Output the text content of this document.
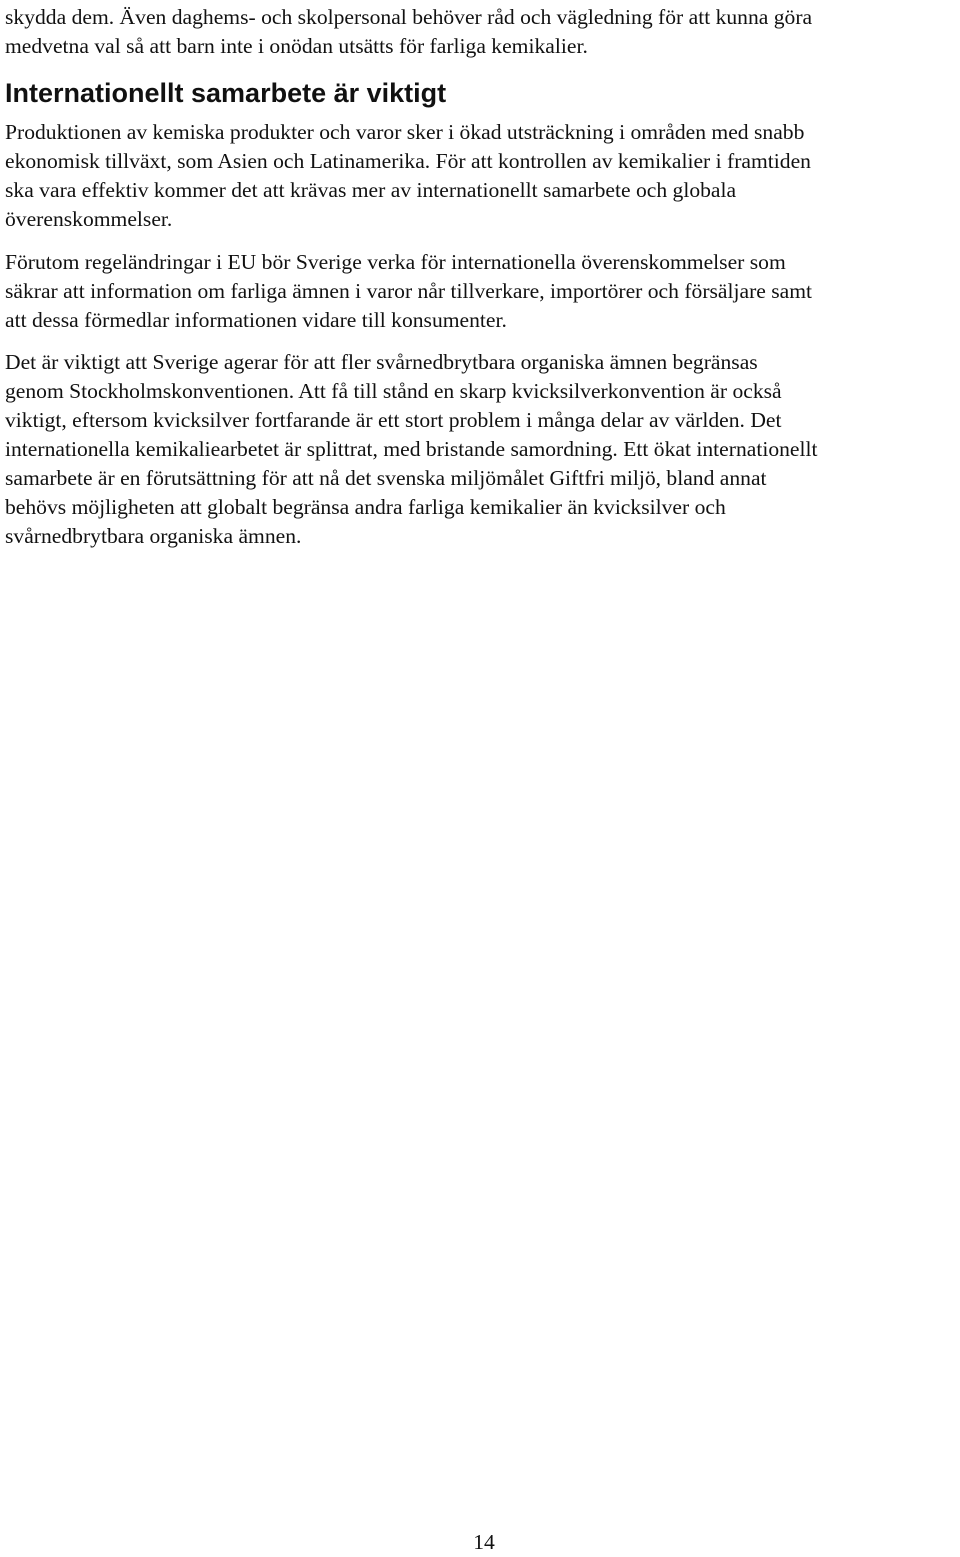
skydda dem. Även daghems- och skolpersonal behöver råd och vägledning för att kunna göra
medvetna val så att barn inte i onödan utsätts för farliga kemikalier.
Internationellt samarbete är viktigt
Produktionen av kemiska produkter och varor sker i ökad utsträckning i områden med snabb
ekonomisk tillväxt, som Asien och Latinamerika. För att kontrollen av kemikalier i framtiden
ska vara effektiv kommer det att krävas mer av internationellt samarbete och globala
överenskommelser.
Förutom regeländringar i EU bör Sverige verka för internationella överenskommelser som
säkrar att information om farliga ämnen i varor når tillverkare, importörer och försäljare samt
att dessa förmedlar informationen vidare till konsumenter.
Det är viktigt att Sverige agerar för att fler svårnedbrytbara organiska ämnen begränsas
genom Stockholmskonventionen. Att få till stånd en skarp kvicksilverkonvention är också
viktigt, eftersom kvicksilver fortfarande är ett stort problem i många delar av världen. Det
internationella kemikaliearbetet är splittrat, med bristande samordning. Ett ökat internationellt
samarbete är en förutsättning för att nå det svenska miljömålet Giftfri miljö, bland annat
behövs möjligheten att globalt begränsa andra farliga kemikalier än kvicksilver och
svårnedbrytbara organiska ämnen.
14
